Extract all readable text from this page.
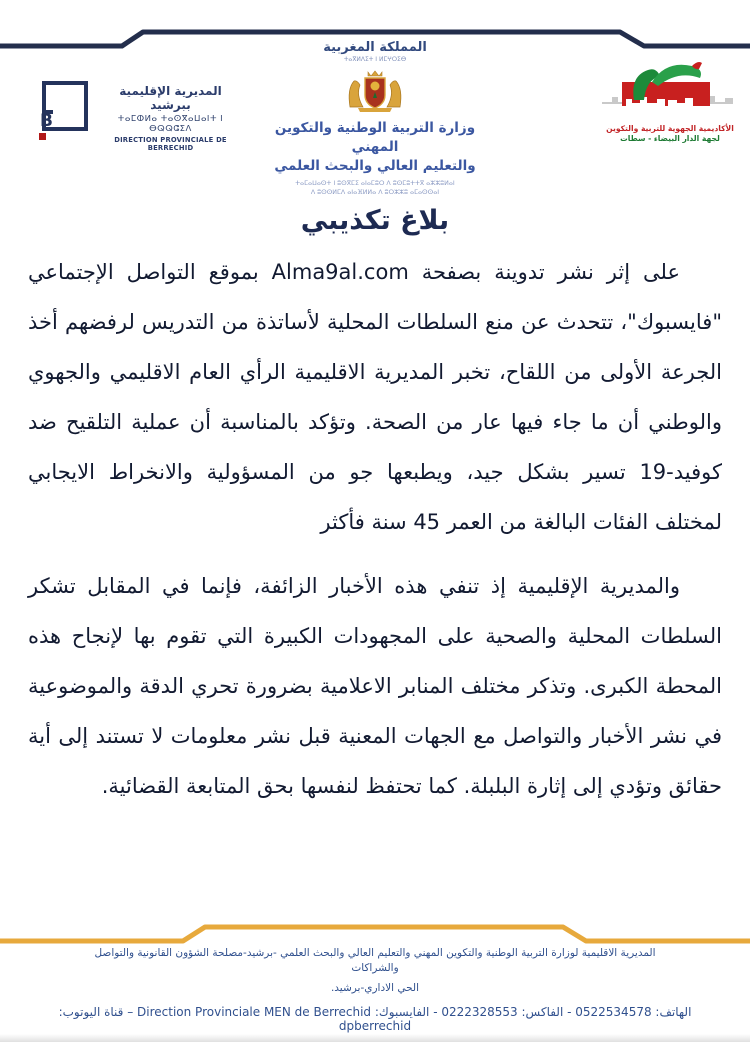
B
المديرية الإقليمية ببرشيد
ⵜⴰⵎⵀⵍⴰ ⵜⴰⵙⴳⴰⵡⴰⵏⵜ ⵏ ⴱⵕⵕⵛⵉⴷ
DIRECTION PROVINCIALE DE BERRECHID
المملكة المغربية
ⵜⴰⴳⵍⴷⵉⵜ ⵏ ⵍⵎⵖⵔⵉⴱ
وزارة التربية الوطنية والتكوين المهني
والتعليم العالي والبحث العلمي
ⵜⴰⵎⴰⵡⴰⵙⵜ ⵏ ⵓⵙⴳⵎⵉ ⴰⵏⴰⵎⵓⵔ ⴷ ⵓⵙⵎⵓⵜⵜⴳ ⴰⵣⵣⵓⵍⴰⵏ
ⴷ ⵓⵙⵙⵍⵎⴷ ⴰⵏⴰⴼⵍⵍⴰ ⴷ ⵓⵔⵣⵣⵓ ⴰⵎⴰⵙⵙⴰⵏ
الأكاديمية الجهوية للتربية والتكوين
لجهة الدار البيضاء - سطات
بلاغ تكذيبي

على إثر نشر تدوينة بصفحة Alma9al.com بموقع التواصل الإجتماعي "فايسبوك"، تتحدث عن منع السلطات المحلية لأساتذة من التدريس لرفضهم أخذ الجرعة الأولى من اللقاح، تخبر المديرية الاقليمية الرأي العام الاقليمي والجهوي والوطني أن ما جاء فيها عار من الصحة. وتؤكد بالمناسبة أن عملية التلقيح ضد كوفيد-19 تسير بشكل جيد، ويطبعها جو من المسؤولية والانخراط الايجابي لمختلف الفئات البالغة من العمر 45 سنة فأكثر

والمديرية الإقليمية إذ تنفي هذه الأخبار الزائفة، فإنما في المقابل تشكر السلطات المحلية والصحية على المجهودات الكبيرة التي تقوم بها لإنجاح هذه المحطة الكبرى. وتذكر مختلف المنابر الاعلامية بضرورة تحري الدقة والموضوعية في نشر الأخبار والتواصل مع الجهات المعنية قبل نشر معلومات لا تستند إلى أية حقائق وتؤدي إلى إثارة البلبلة. كما تحتفظ لنفسها بحق المتابعة القضائية.

المديرية الاقليمية لوزارة التربية الوطنية والتكوين المهني والتعليم العالي والبحث العلمي -برشيد-مصلحة الشؤون القانونية والتواصل والشراكات
الحي الاداري-برشيد.
الهاتف: 0522534578 - الفاكس: 0222328553 - الفايسبوك: Direction Provinciale MEN de Berrechid – قناة اليوتوب: dpberrechid
